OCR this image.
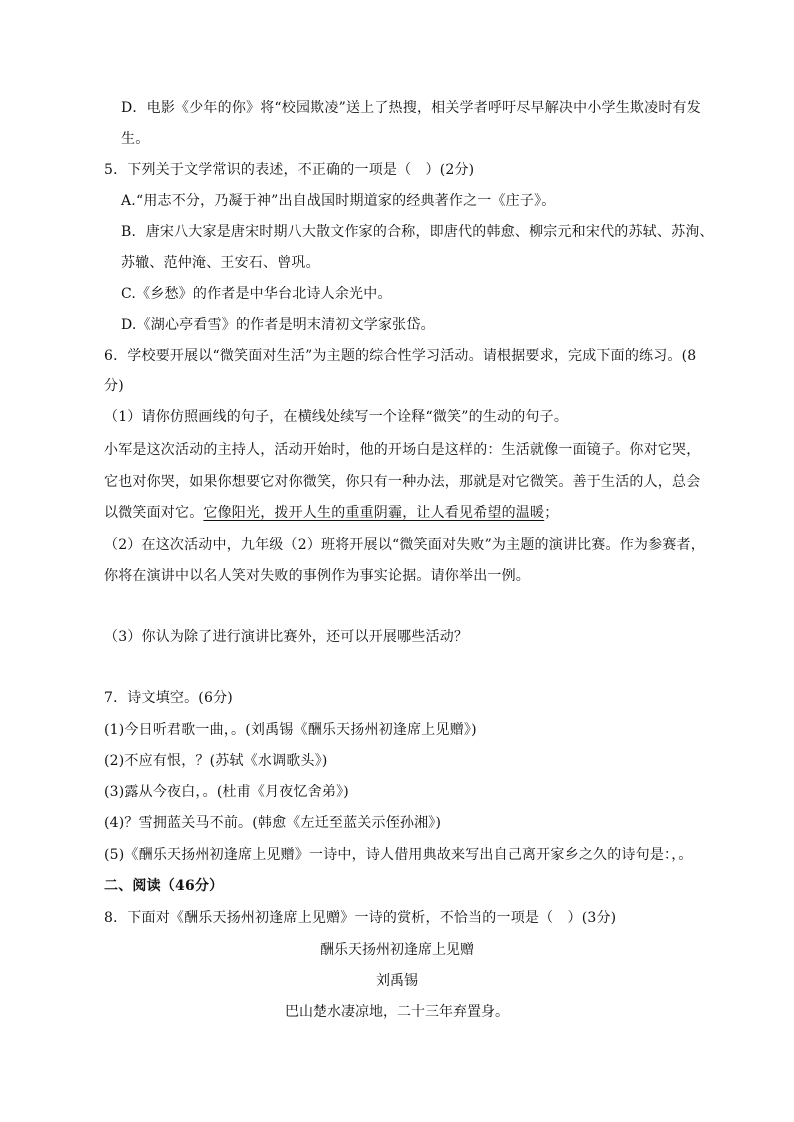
D．电影《少年的你》将“校园欺凌”送上了热搜，相关学者呼吁尽早解决中小学生欺凌时有发
生。
5．下列关于文学常识的表述，不正确的一项是（　）(2分)
A.“用志不分，乃凝于神”出自战国时期道家的经典著作之一《庄子》。
B．唐宋八大家是唐宋时期八大散文作家的合称，即唐代的韩愈、柳宗元和宋代的苏轼、苏洵、
苏辙、范仲淹、王安石、曾巩。
C.《乡愁》的作者是中华台北诗人余光中。
D.《湖心亭看雪》的作者是明末清初文学家张岱。
6．学校要开展以“微笑面对生活”为主题的综合性学习活动。请根据要求，完成下面的练习。(8
分)
（1）请你仿照画线的句子，在横线处续写一个诠释“微笑”的生动的句子。
小军是这次活动的主持人，活动开始时，他的开场白是这样的：生活就像一面镜子。你对它哭，
它也对你哭，如果你想要它对你微笑，你只有一种办法，那就是对它微笑。善于生活的人，总会
以微笑面对它。它像阳光，拨开人生的重重阴霾，让人看见希望的温暖；
（2）在这次活动中，九年级（2）班将开展以“微笑面对失败”为主题的演讲比赛。作为参赛者，
你将在演讲中以名人笑对失败的事例作为事实论据。请你举出一例。
（3）你认为除了进行演讲比赛外，还可以开展哪些活动？
7．诗文填空。(6分)
(1)今日听君歌一曲，。(刘禹锡《酬乐天扬州初逢席上见赠》)
(2)不应有恨，？(苏轼《水调歌头》)
(3)露从今夜白，。(杜甫《月夜忆舍弟》)
(4)？雪拥蓝关马不前。(韩愈《左迁至蓝关示侄孙湘》)
(5)《酬乐天扬州初逢席上见赠》一诗中，诗人借用典故来写出自己离开家乡之久的诗句是：，。
二、阅读（46分）
8．下面对《酬乐天扬州初逢席上见赠》一诗的赏析，不恰当的一项是（　）(3分)
酬乐天扬州初逢席上见赠
刘禹锡
巴山楚水凄凉地，二十三年弃置身。
